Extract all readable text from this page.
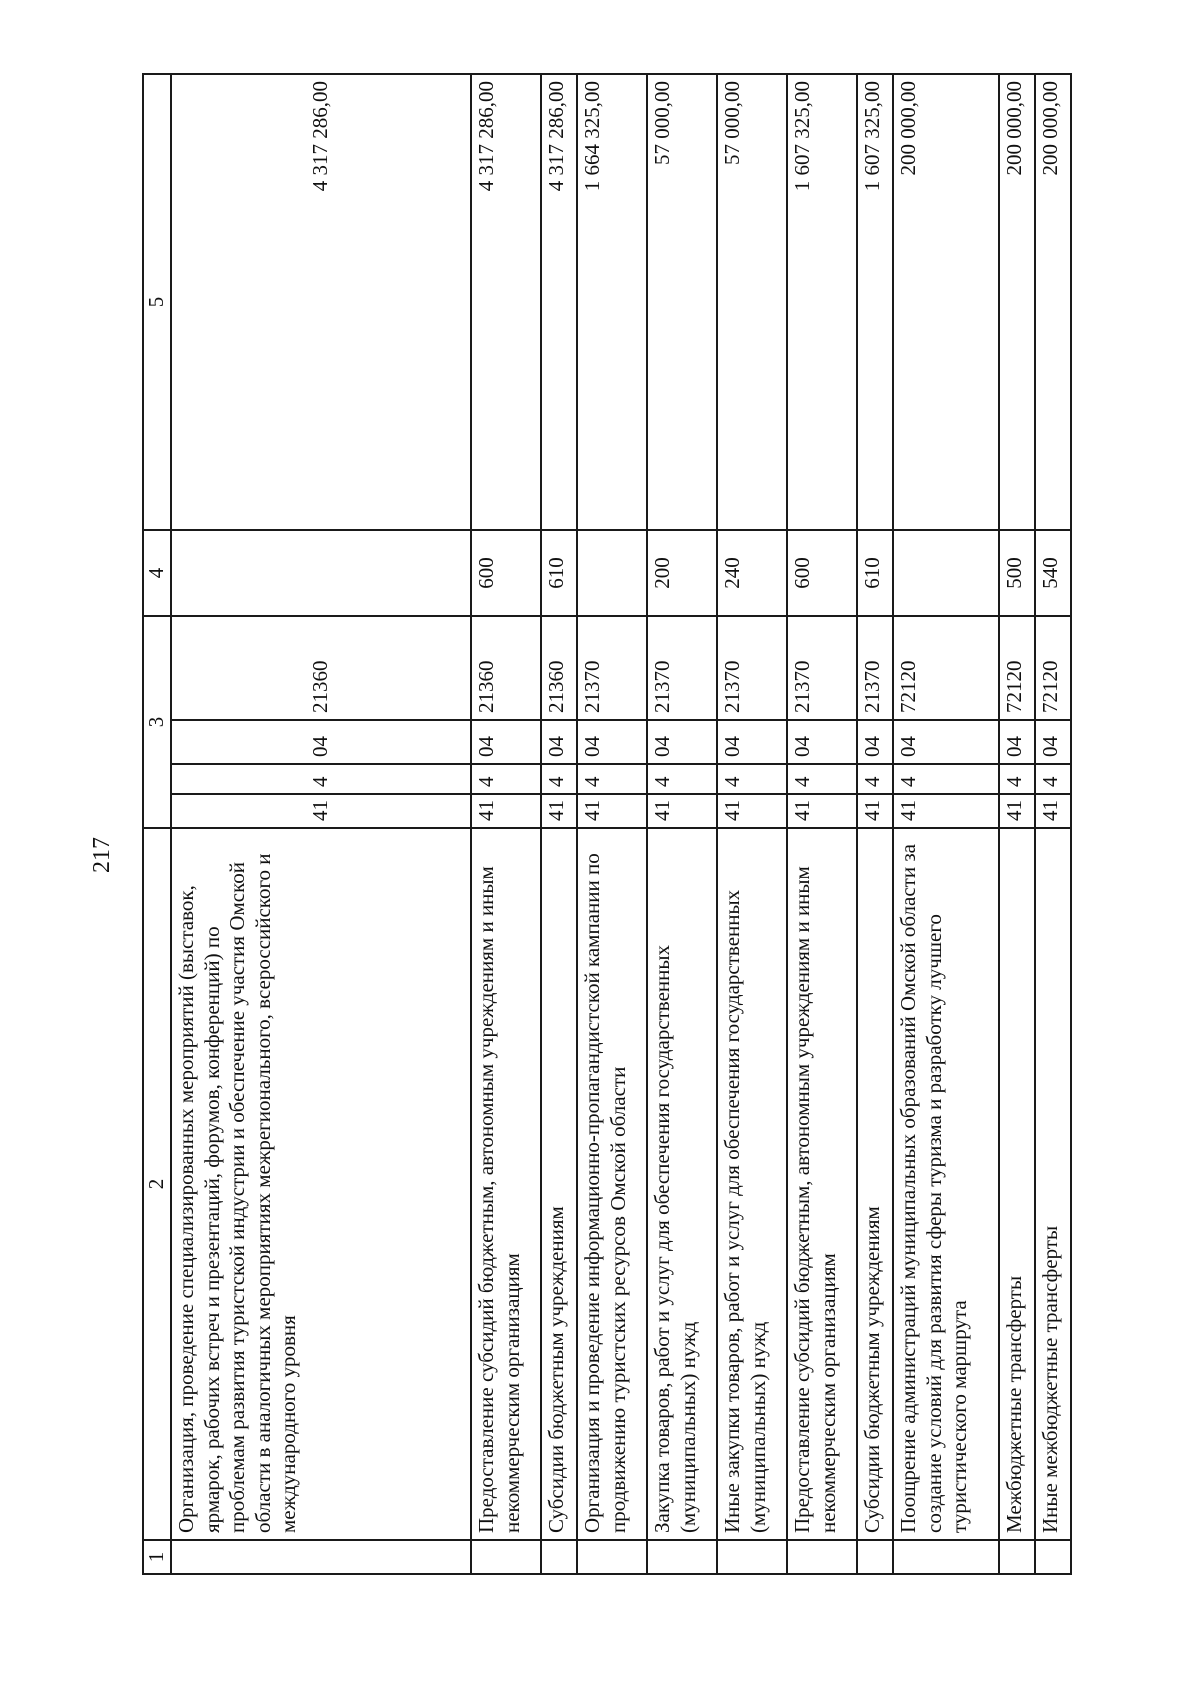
217
1	2	3				4	5
	Организация, проведение специализированных мероприятий (выставок, ярмарок, рабочих встреч и презентаций, форумов, конференций) по проблемам развития туристской индустрии и обеспечение участия Омской области в аналогичных мероприятиях межрегионального, всероссийского и международного уровня	41	4	04	21360		4 317 286,00
	Предоставление субсидий бюджетным, автономным учреждениям и иным некоммерческим организациям	41	4	04	21360	600	4 317 286,00
	Субсидии бюджетным учреждениям	41	4	04	21360	610	4 317 286,00
	Организация и проведение информационно-пропагандистской кампании по продвижению туристских ресурсов Омской области	41	4	04	21370		1 664 325,00
	Закупка товаров, работ и услуг для обеспечения государственных (муниципальных) нужд	41	4	04	21370	200	57 000,00
	Иные закупки товаров, работ и услуг для обеспечения государственных (муниципальных) нужд	41	4	04	21370	240	57 000,00
	Предоставление субсидий бюджетным, автономным учреждениям и иным некоммерческим организациям	41	4	04	21370	600	1 607 325,00
	Субсидии бюджетным учреждениям	41	4	04	21370	610	1 607 325,00
	Поощрение администраций муниципальных образований Омской области за создание условий для развития сферы туризма и разработку лучшего туристического маршрута	41	4	04	72120		200 000,00
	Межбюджетные трансферты	41	4	04	72120	500	200 000,00
	Иные межбюджетные трансферты	41	4	04	72120	540	200 000,00
